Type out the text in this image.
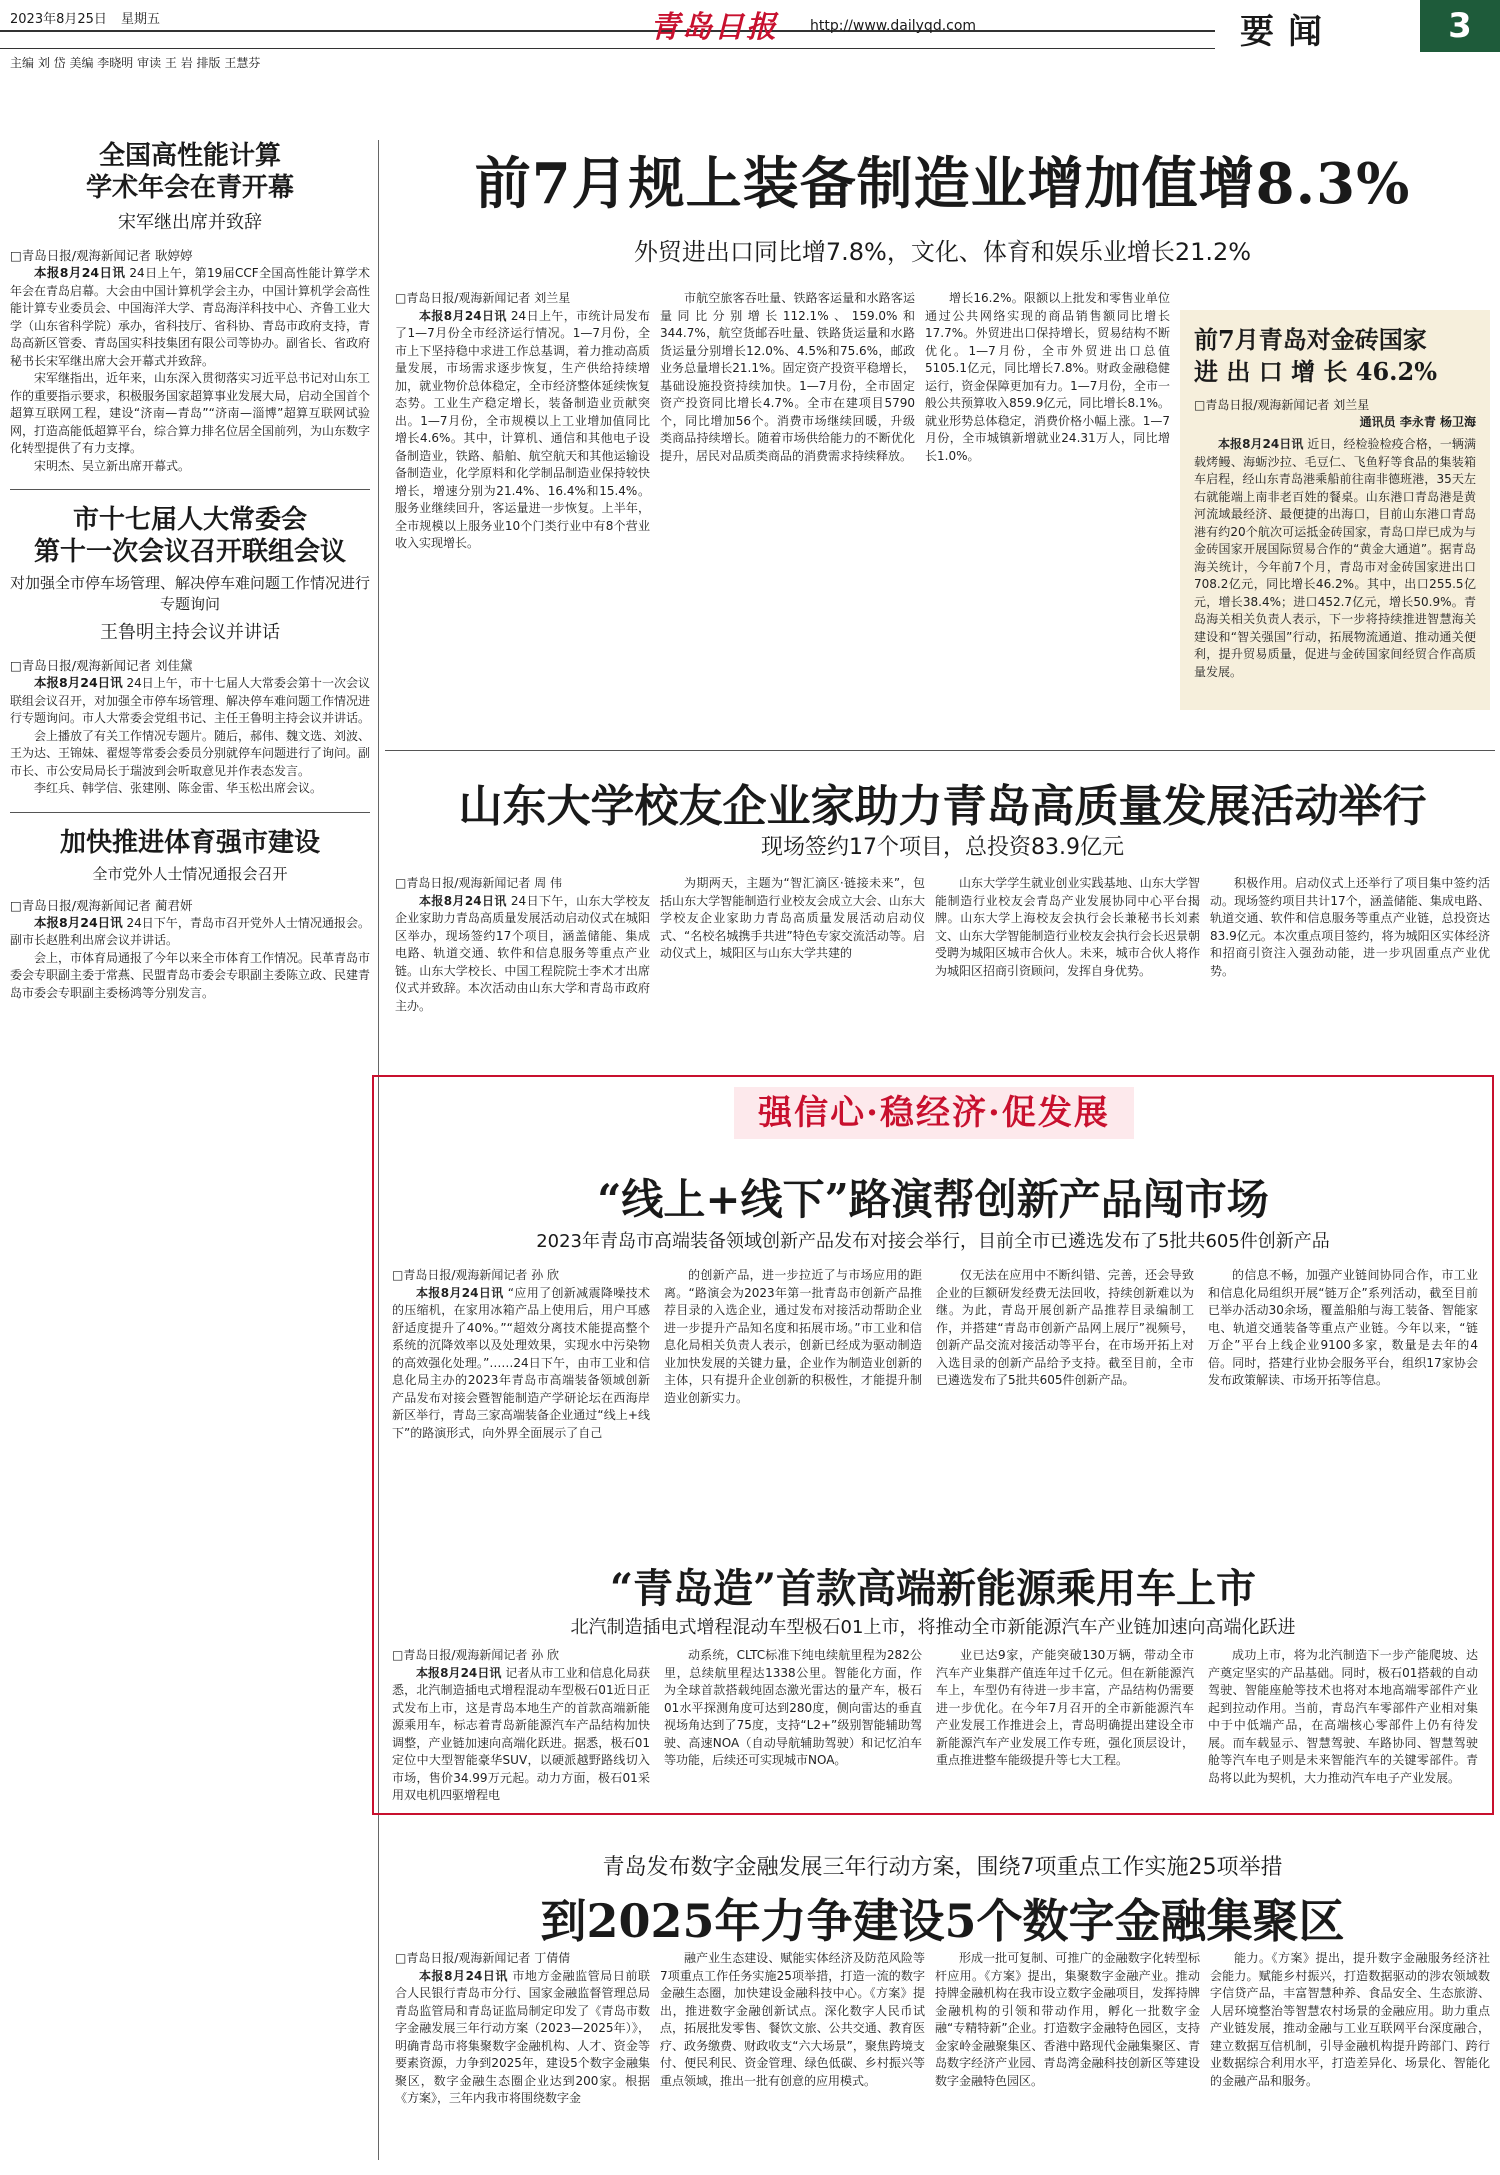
2023年8月25日 星期五	青岛日报 http://www.dailyqd.com	要闻	3
主编 刘 岱 美编 李晓明 审读 王 岩 排版 王慧芬
全国高性能计算
学术年会在青开幕
宋军继出席并致辞
□青岛日报/观海新闻记者 耿婷婷

本报8月24日讯 24日上午，第19届CCF全国高性能计算学术年会在青岛启幕。大会由中国计算机学会主办，中国计算机学会高性能计算专业委员会、中国海洋大学、青岛海洋科技中心、齐鲁工业大学（山东省科学院）承办，省科技厅、省科协、青岛市政府支持，青岛高新区管委、青岛国实科技集团有限公司等协办。副省长、省政府秘书长宋军继出席大会开幕式并致辞。

宋军继指出，近年来，山东深入贯彻落实习近平总书记对山东工作的重要指示要求，积极服务国家超算事业发展大局，启动全国首个超算互联网工程，建设“济南—青岛”“济南—淄博”超算互联网试验网，打造高能低超算平台，综合算力排名位居全国前列，为山东数字化转型提供了有力支撑。

宋明杰、吴立新出席开幕式。

市十七届人大常委会
第十一次会议召开联组会议
对加强全市停车场管理、解决停车难问题工作情况进行专题询问
王鲁明主持会议并讲话
□青岛日报/观海新闻记者 刘佳黛

本报8月24日讯 24日上午，市十七届人大常委会第十一次会议联组会议召开，对加强全市停车场管理、解决停车难问题工作情况进行专题询问。市人大常委会党组书记、主任王鲁明主持会议并讲话。

会上播放了有关工作情况专题片。随后，郝伟、魏文选、刘波、王为达、王锦妹、翟煜等常委会委员分别就停车问题进行了询问。副市长、市公安局局长于瑞波到会听取意见并作表态发言。

李红兵、韩学信、张建刚、陈金雷、华玉松出席会议。

加快推进体育强市建设
全市党外人士情况通报会召开
□青岛日报/观海新闻记者 蔺君妍

本报8月24日讯 24日下午，青岛市召开党外人士情况通报会。副市长赵胜利出席会议并讲话。

会上，市体育局通报了今年以来全市体育工作情况。民革青岛市委会专职副主委于常燕、民盟青岛市委会专职副主委陈立政、民建青岛市委会专职副主委杨鸿等分别发言。

前7月规上装备制造业增加值增8.3%
外贸进出口同比增7.8%，文化、体育和娱乐业增长21.2%

□青岛日报/观海新闻记者 刘兰星

本报8月24日讯 24日上午，市统计局发布了1—7月份全市经济运行情况。1—7月份，全市上下坚持稳中求进工作总基调，着力推动高质量发展，市场需求逐步恢复，生产供给持续增加，就业物价总体稳定，全市经济整体延续恢复态势。工业生产稳定增长，装备制造业贡献突出。1—7月份，全市规模以上工业增加值同比增长4.6%。其中，计算机、通信和其他电子设备制造业，铁路、船舶、航空航天和其他运输设备制造业，化学原料和化学制品制造业保持较快增长，增速分别为21.4%、16.4%和15.4%。服务业继续回升，客运量进一步恢复。上半年，全市规模以上服务业10个门类行业中有8个营业收入实现增长。

市航空旅客吞吐量、铁路客运量和水路客运量同比分别增长112.1%、159.0%和344.7%，航空货邮吞吐量、铁路货运量和水路货运量分别增长12.0%、4.5%和75.6%，邮政业务总量增长21.1%。固定资产投资平稳增长，基础设施投资持续加快。1—7月份，全市固定资产投资同比增长4.7%。全市在建项目5790个，同比增加56个。消费市场继续回暖，升级类商品持续增长。随着市场供给能力的不断优化提升，居民对品质类商品的消费需求持续释放。

增长16.2%。限额以上批发和零售业单位通过公共网络实现的商品销售额同比增长17.7%。外贸进出口保持增长，贸易结构不断优化。1—7月份，全市外贸进出口总值5105.1亿元，同比增长7.8%。财政金融稳健运行，资金保障更加有力。1—7月份，全市一般公共预算收入859.9亿元，同比增长8.1%。就业形势总体稳定，消费价格小幅上涨。1—7月份，全市城镇新增就业24.31万人，同比增长1.0%。

前7月青岛对金砖国家
进 出 口 增 长 46.2%
□青岛日报/观海新闻记者 刘兰星
通讯员 李永青 杨卫海

本报8月24日讯 近日，经检验检疫合格，一辆满载烤鳗、海蛎沙拉、毛豆仁、飞鱼籽等食品的集装箱车启程，经山东青岛港乘船前往南非德班港，35天左右就能端上南非老百姓的餐桌。山东港口青岛港是黄河流域最经济、最便捷的出海口，目前山东港口青岛港有约20个航次可运抵金砖国家，青岛口岸已成为与金砖国家开展国际贸易合作的“黄金大通道”。据青岛海关统计，今年前7个月，青岛市对金砖国家进出口708.2亿元，同比增长46.2%。其中，出口255.5亿元，增长38.4%；进口452.7亿元，增长50.9%。青岛海关相关负责人表示，下一步将持续推进智慧海关建设和“智关强国”行动，拓展物流通道、推动通关便利，提升贸易质量，促进与金砖国家间经贸合作高质量发展。

山东大学校友企业家助力青岛高质量发展活动举行
现场签约17个项目，总投资83.9亿元

□青岛日报/观海新闻记者 周 伟

本报8月24日讯 24日下午，山东大学校友企业家助力青岛高质量发展活动启动仪式在城阳区举办，现场签约17个项目，涵盖储能、集成电路、轨道交通、软件和信息服务等重点产业链。山东大学校长、中国工程院院士李术才出席仪式并致辞。本次活动由山东大学和青岛市政府主办。

为期两天，主题为“智汇滴区·链接未来”，包括山东大学智能制造行业校友会成立大会、山东大学校友企业家助力青岛高质量发展活动启动仪式、“名校名城携手共进”特色专家交流活动等。启动仪式上，城阳区与山东大学共建的

山东大学学生就业创业实践基地、山东大学智能制造行业校友会青岛产业发展协同中心平台揭牌。山东大学上海校友会执行会长兼秘书长刘素文、山东大学智能制造行业校友会执行会长迟景朝受聘为城阳区城市合伙人。未来，城市合伙人将作为城阳区招商引资顾问，发挥自身优势。

积极作用。启动仪式上还举行了项目集中签约活动。现场签约项目共计17个，涵盖储能、集成电路、轨道交通、软件和信息服务等重点产业链，总投资达83.9亿元。本次重点项目签约，将为城阳区实体经济和招商引资注入强劲动能，进一步巩固重点产业优势。

强信心·稳经济·促发展
“线上+线下”路演帮创新产品闯市场
2023年青岛市高端装备领域创新产品发布对接会举行，目前全市已遴选发布了5批共605件创新产品

□青岛日报/观海新闻记者 孙 欣

本报8月24日讯 “应用了创新减震降噪技术的压缩机，在家用冰箱产品上使用后，用户耳感舒适度提升了40%。”“超效分离技术能提高整个系统的沉降效率以及处理效果，实现水中污染物的高效强化处理。”……24日下午，由市工业和信息化局主办的2023年青岛市高端装备领域创新产品发布对接会暨智能制造产学研论坛在西海岸新区举行，青岛三家高端装备企业通过“线上+线下”的路演形式，向外界全面展示了自己

的创新产品，进一步拉近了与市场应用的距离。“路演会为2023年第一批青岛市创新产品推荐目录的入选企业，通过发布对接活动帮助企业进一步提升产品知名度和拓展市场。”市工业和信息化局相关负责人表示，创新已经成为驱动制造业加快发展的关键力量，企业作为制造业创新的主体，只有提升企业创新的积极性，才能提升制造业创新实力。

仅无法在应用中不断纠错、完善，还会导致企业的巨额研发经费无法回收，持续创新难以为继。为此，青岛开展创新产品推荐目录编制工作，并搭建“青岛市创新产品网上展厅”视频号，创新产品交流对接活动等平台，在市场开拓上对入选目录的创新产品给予支持。截至目前，全市已遴选发布了5批共605件创新产品。

的信息不畅，加强产业链间协同合作，市工业和信息化局组织开展“链万企”系列活动，截至目前已举办活动30余场，覆盖船舶与海工装备、智能家电、轨道交通装备等重点产业链。今年以来，“链万企”平台上线企业9100多家，数量是去年的4倍。同时，搭建行业协会服务平台，组织17家协会发布政策解读、市场开拓等信息。

“青岛造”首款高端新能源乘用车上市
北汽制造插电式增程混动车型极石01上市，将推动全市新能源汽车产业链加速向高端化跃进

□青岛日报/观海新闻记者 孙 欣

本报8月24日讯 记者从市工业和信息化局获悉，北汽制造插电式增程混动车型极石01近日正式发布上市，这是青岛本地生产的首款高端新能源乘用车，标志着青岛新能源汽车产品结构加快调整，产业链加速向高端化跃进。据悉，极石01定位中大型智能豪华SUV，以硬派越野路线切入市场，售价34.99万元起。动力方面，极石01采用双电机四驱增程电

动系统，CLTC标准下纯电续航里程为282公里，总续航里程达1338公里。智能化方面，作为全球首款搭载纯固态激光雷达的量产车，极石01水平探测角度可达到280度，侧向雷达的垂直视场角达到了75度，支持“L2+”级别智能辅助驾驶、高速NOA（自动导航辅助驾驶）和记忆泊车等功能，后续还可实现城市NOA。

业已达9家，产能突破130万辆，带动全市汽车产业集群产值连年过千亿元。但在新能源汽车上，车型仍有待进一步丰富，产品结构仍需要进一步优化。在今年7月召开的全市新能源汽车产业发展工作推进会上，青岛明确提出建设全市新能源汽车产业发展工作专班，强化顶层设计，重点推进整车能级提升等七大工程。

成功上市，将为北汽制造下一步产能爬坡、达产奠定坚实的产品基础。同时，极石01搭载的自动驾驶、智能座舱等技术也将对本地高端零部件产业起到拉动作用。当前，青岛汽车零部件产业相对集中于中低端产品，在高端核心零部件上仍有待发展。而车载显示、智慧驾驶、车路协同、智慧驾驶舱等汽车电子则是未来智能汽车的关键零部件。青岛将以此为契机，大力推动汽车电子产业发展。

青岛发布数字金融发展三年行动方案，围绕7项重点工作实施25项举措
到2025年力争建设5个数字金融集聚区

□青岛日报/观海新闻记者 丁倩倩

本报8月24日讯 市地方金融监管局日前联合人民银行青岛市分行、国家金融监督管理总局青岛监管局和青岛证监局制定印发了《青岛市数字金融发展三年行动方案（2023—2025年）》，明确青岛市将集聚数字金融机构、人才、资金等要素资源，力争到2025年，建设5个数字金融集聚区，数字金融生态圈企业达到200家。根据《方案》，三年内我市将围绕数字金

融产业生态建设、赋能实体经济及防范风险等7项重点工作任务实施25项举措，打造一流的数字金融生态圈，加快建设金融科技中心。《方案》提出，推进数字金融创新试点。深化数字人民币试点，拓展批发零售、餐饮文旅、公共交通、教育医疗、政务缴费、财政收支“六大场景”，聚焦跨境支付、便民利民、资金管理、绿色低碳、乡村振兴等重点领域，推出一批有创意的应用模式。

形成一批可复制、可推广的金融数字化转型标杆应用。《方案》提出，集聚数字金融产业。推动持牌金融机构在我市设立数字金融项目，发挥持牌金融机构的引领和带动作用，孵化一批数字金融“专精特新”企业。打造数字金融特色园区，支持金家岭金融聚集区、香港中路现代金融集聚区、青岛数字经济产业园、青岛湾金融科技创新区等建设数字金融特色园区。

能力。《方案》提出，提升数字金融服务经济社会能力。赋能乡村振兴，打造数据驱动的涉农领域数字信贷产品，丰富智慧种养、食品安全、生态旅游、人居环境整治等智慧农村场景的金融应用。助力重点产业链发展，推动金融与工业互联网平台深度融合，建立数据互信机制，引导金融机构提升跨部门、跨行业数据综合利用水平，打造差异化、场景化、智能化的金融产品和服务。
